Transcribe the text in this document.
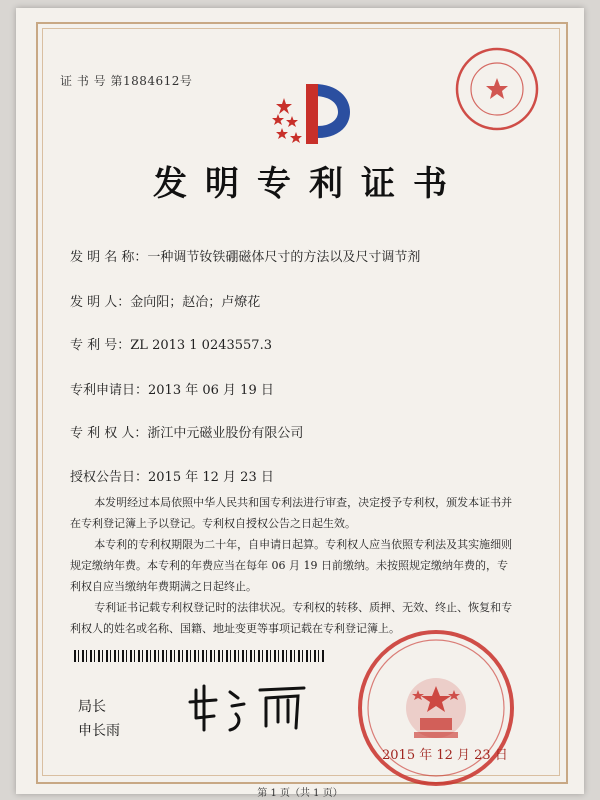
证 书 号 第1884612号
发明专利证书
发 明 名 称：一种调节钕铁硼磁体尺寸的方法以及尺寸调节剂
发 明 人：金向阳；赵冶；卢燎花
专 利 号：ZL 2013 1 0243557.3
专利申请日：2013 年 06 月 19 日
专 利 权 人：浙江中元磁业股份有限公司
授权公告日：2015 年 12 月 23 日

本发明经过本局依照中华人民共和国专利法进行审查，决定授予专利权，颁发本证书并在专利登记簿上予以登记。专利权自授权公告之日起生效。

本专利的专利权期限为二十年，自申请日起算。专利权人应当依照专利法及其实施细则规定缴纳年费。本专利的年费应当在每年 06 月 19 日前缴纳。未按照规定缴纳年费的，专利权自应当缴纳年费期满之日起终止。

专利证书记载专利权登记时的法律状况。专利权的转移、质押、无效、终止、恢复和专利权人的姓名或名称、国籍、地址变更等事项记载在专利登记簿上。

局长
申长雨
2015 年 12 月 23 日
第 1 页（共 1 页）
